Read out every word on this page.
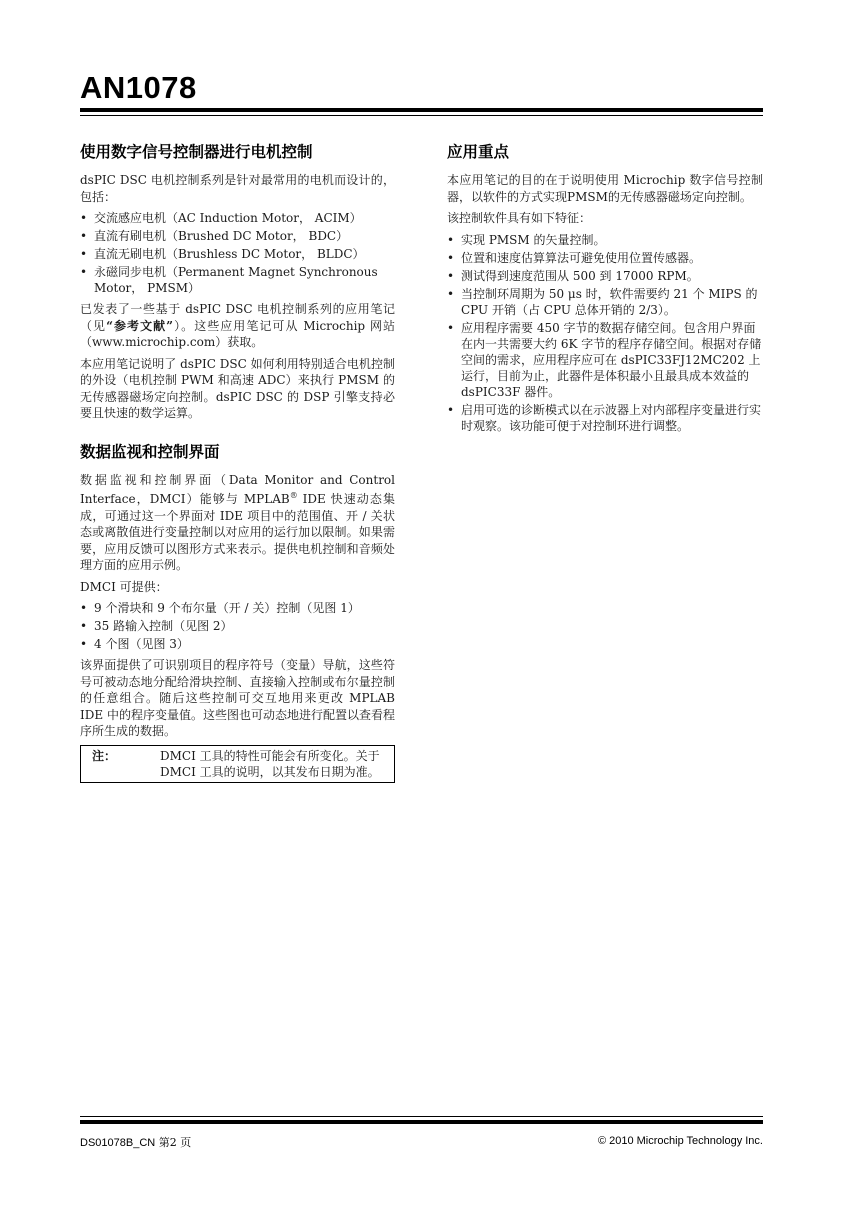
AN1078
使用数字信号控制器进行电机控制

dsPIC DSC 电机控制系列是针对最常用的电机而设计的，包括：

• 交流感应电机（AC Induction Motor， ACIM）
• 直流有刷电机（Brushed DC Motor， BDC）
• 直流无刷电机（Brushless DC Motor， BLDC）
• 永磁同步电机（Permanent Magnet Synchronous Motor， PMSM）

已发表了一些基于 dsPIC DSC 电机控制系列的应用笔记（见“参考文献”）。这些应用笔记可从 Microchip 网站（www.microchip.com）获取。

本应用笔记说明了 dsPIC DSC 如何利用特别适合电机控制的外设（电机控制 PWM 和高速 ADC）来执行 PMSM 的无传感器磁场定向控制。dsPIC DSC 的 DSP 引擎支持必要且快速的数学运算。

数据监视和控制界面

数据监视和控制界面（Data Monitor and Control Interface，DMCI）能够与 MPLAB® IDE 快速动态集成，可通过这一个界面对 IDE 项目中的范围值、开 / 关状态或离散值进行变量控制以对应用的运行加以限制。如果需要，应用反馈可以图形方式来表示。提供电机控制和音频处理方面的应用示例。

DMCI 可提供：

• 9 个滑块和 9 个布尔量（开 / 关）控制（见图 1）
• 35 路输入控制（见图 2）
• 4 个图（见图 3）

该界面提供了可识别项目的程序符号（变量）导航，这些符号可被动态地分配给滑块控制、直接输入控制或布尔量控制的任意组合。随后这些控制可交互地用来更改 MPLAB IDE 中的程序变量值。这些图也可动态地进行配置以查看程序所生成的数据。

注：	DMCI 工具的特性可能会有所变化。关于 DMCI 工具的说明，以其发布日期为准。
应用重点

本应用笔记的目的在于说明使用 Microchip 数字信号控制器，以软件的方式实现PMSM的无传感器磁场定向控制。

该控制软件具有如下特征：

• 实现 PMSM 的矢量控制。
• 位置和速度估算算法可避免使用位置传感器。
• 测试得到速度范围从 500 到 17000 RPM。
• 当控制环周期为 50 μs 时，软件需要约 21 个 MIPS 的 CPU 开销（占 CPU 总体开销的 2/3）。
• 应用程序需要 450 字节的数据存储空间。包含用户界面在内一共需要大约 6K 字节的程序存储空间。根据对存储空间的需求，应用程序应可在 dsPIC33FJ12MC202 上运行，目前为止，此器件是体积最小且最具成本效益的 dsPIC33F 器件。
• 启用可选的诊断模式以在示波器上对内部程序变量进行实时观察。该功能可便于对控制环进行调整。
DS01078B_CN 第2 页	© 2010 Microchip Technology Inc.
